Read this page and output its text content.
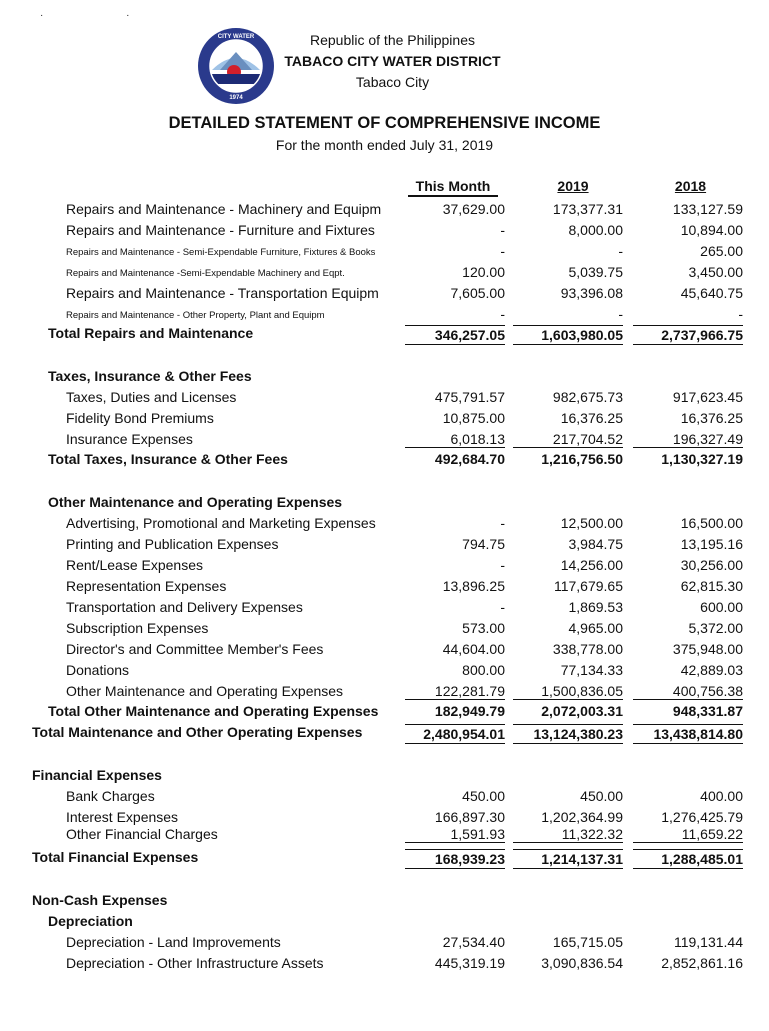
· ·
1974
CITY WATER	Republic of the Philippines
TABACO CITY WATER DISTRICT
Tabaco City
DETAILED STATEMENT OF COMPREHENSIVE INCOME
For the month ended July 31, 2019
This Month	2019	2018
Repairs and Maintenance - Machinery and Equipm	37,629.00	173,377.31	133,127.59
Repairs and Maintenance - Furniture and Fixtures	-	8,000.00	10,894.00
Repairs and Maintenance - Semi-Expendable Furniture, Fixtures & Books	-	-	265.00
Repairs and Maintenance -Semi-Expendable Machinery and Eqpt.	120.00	5,039.75	3,450.00
Repairs and Maintenance - Transportation Equipm	7,605.00	93,396.08	45,640.75
Repairs and Maintenance - Other Property, Plant and Equipm	-	-	-
Total Repairs and Maintenance	346,257.05	1,603,980.05	2,737,966.75
Taxes, Insurance & Other Fees
Taxes, Duties and Licenses	475,791.57	982,675.73	917,623.45
Fidelity Bond Premiums	10,875.00	16,376.25	16,376.25
Insurance Expenses	6,018.13	217,704.52	196,327.49
Total Taxes, Insurance & Other Fees	492,684.70	1,216,756.50	1,130,327.19
Other Maintenance and Operating Expenses
Advertising, Promotional and Marketing Expenses	-	12,500.00	16,500.00
Printing and Publication Expenses	794.75	3,984.75	13,195.16
Rent/Lease Expenses	-	14,256.00	30,256.00
Representation Expenses	13,896.25	117,679.65	62,815.30
Transportation and Delivery Expenses	-	1,869.53	600.00
Subscription Expenses	573.00	4,965.00	5,372.00
Director's and Committee Member's Fees	44,604.00	338,778.00	375,948.00
Donations	800.00	77,134.33	42,889.03
Other Maintenance and Operating Expenses	122,281.79	1,500,836.05	400,756.38
Total Other Maintenance and Operating Expenses	182,949.79	2,072,003.31	948,331.87
Total Maintenance and Other Operating Expenses	2,480,954.01	13,124,380.23	13,438,814.80
Financial Expenses
Bank Charges	450.00	450.00	400.00
Interest Expenses	166,897.30	1,202,364.99	1,276,425.79
Other Financial Charges	1,591.93	11,322.32	11,659.22
Total Financial Expenses	168,939.23	1,214,137.31	1,288,485.01
Non-Cash Expenses
Depreciation
Depreciation - Land Improvements	27,534.40	165,715.05	119,131.44
Depreciation - Other Infrastructure Assets	445,319.19	3,090,836.54	2,852,861.16
